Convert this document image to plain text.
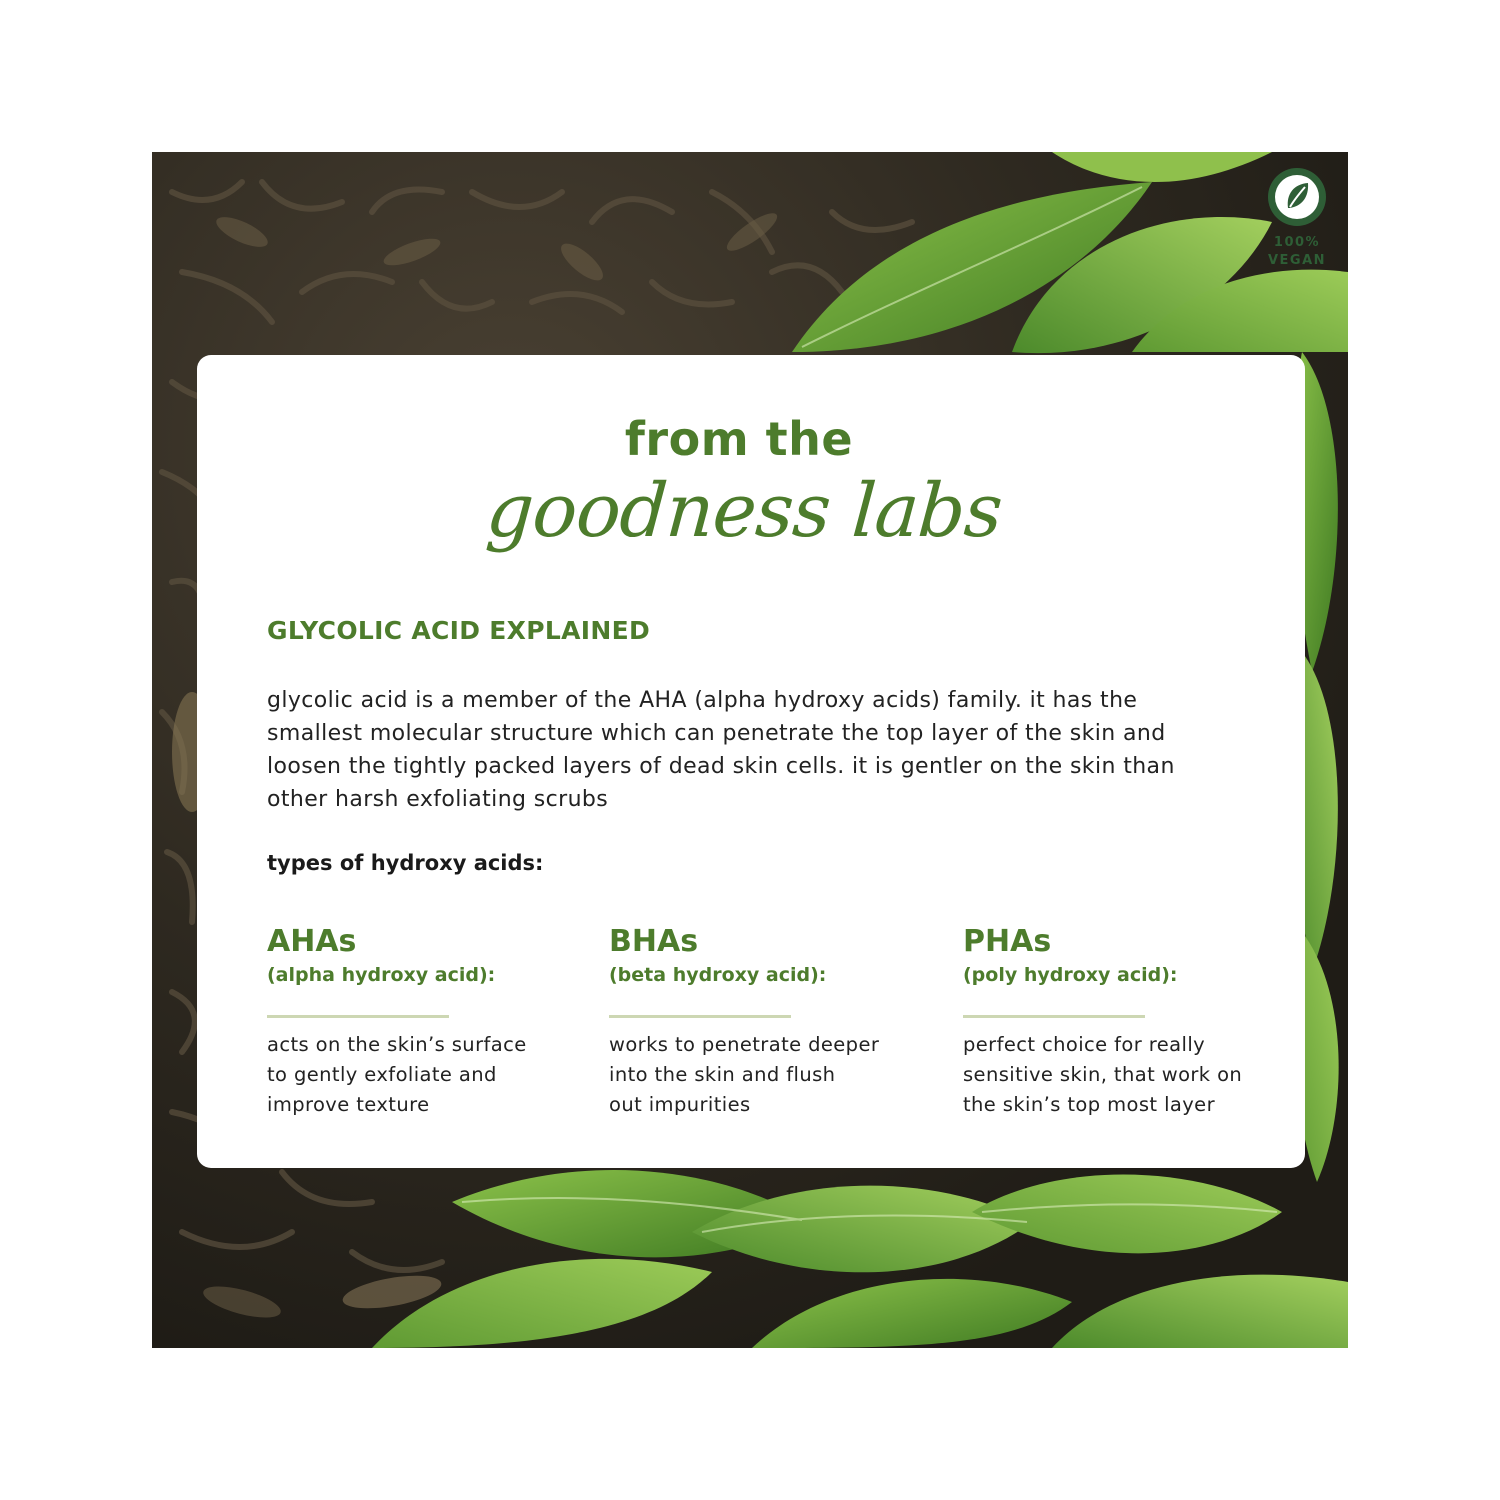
100%
VEGAN
from the
goodness labs
GLYCOLIC ACID EXPLAINED
glycolic acid is a member of the AHA (alpha hydroxy acids) family. it has the smallest molecular structure which can penetrate the top layer of the skin and loosen the tightly packed layers of dead skin cells. it is gentler on the skin than other harsh exfoliating scrubs
types of hydroxy acids:
AHAs
(alpha hydroxy acid):
acts on the skin’s surface
to gently exfoliate and
improve texture
BHAs
(beta hydroxy acid):
works to penetrate deeper
into the skin and flush
out impurities
PHAs
(poly hydroxy acid):
perfect choice for really
sensitive skin, that work on
the skin’s top most layer
